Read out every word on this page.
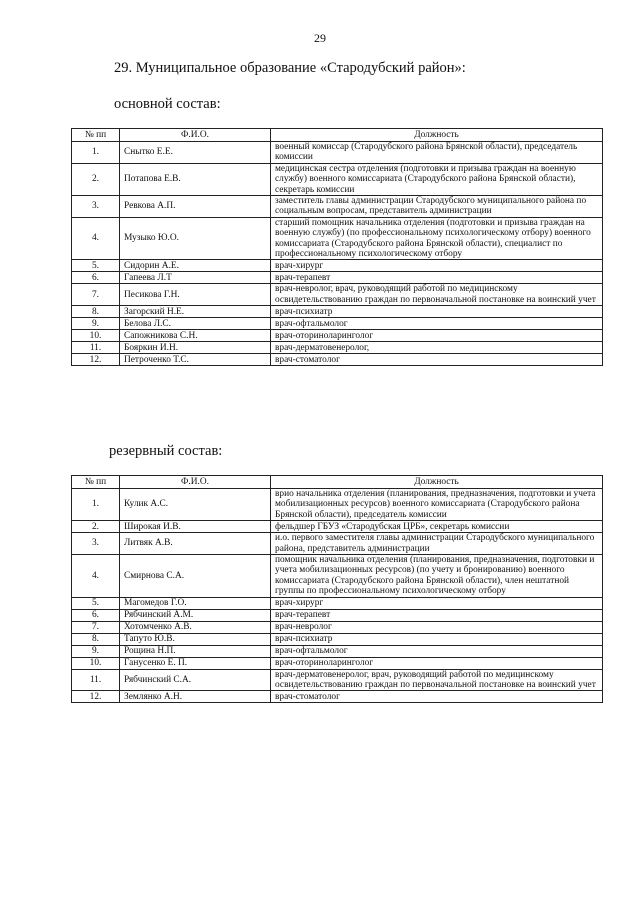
29
29. Муниципальное образование «Стародубский район»:
основной состав:
№ пп	Ф.И.О.	Должность
1.	Снытко Е.Е.	военный комиссар (Стародубского района Брянской области), председатель комиссии
2.	Потапова Е.В.	медицинская сестра отделения (подготовки и призыва граждан на военную службу) военного комиссариата (Стародубского района Брянской области), секретарь комиссии
3.	Ревкова А.П.	заместитель главы администрации Стародубского муниципального района по социальным вопросам, представитель администрации
4.	Музыко Ю.О.	старший помощник начальника отделения (подготовки и призыва граждан на военную службу) (по профессиональному психологическому отбору) военного комиссариата (Стародубского района Брянской области), специалист по профессиональному психологическому отбору
5.	Сидорин А.Е.	врач-хирург
6.	Гапеева Л.Т	врач-терапевт
7.	Песикова Г.Н.	врач-невролог, врач, руководящий работой по медицинскому освидетельствованию граждан по первоначальной постановке на воинский учет
8.	Загорский Н.Е.	врач-психиатр
9.	Белова Л.С.	врач-офтальмолог
10.	Сапожникова С.Н.	врач-оториноларинголог
11.	Бояркин И.Н.	врач-дерматовенеролог,
12.	Петроченко Т.С.	врач-стоматолог
резервный состав:
№ пп	Ф.И.О.	Должность
1.	Кулик А.С.	врио начальника отделения (планирования, предназначения, подготовки и учета мобилизационных ресурсов) военного комиссариата (Стародубского района Брянской области), председатель комиссии
2.	Широкая И.В.	фельдшер ГБУЗ «Стародубская ЦРБ», секретарь комиссии
3.	Литвяк А.В.	и.о. первого заместителя главы администрации Стародубского муниципального района, представитель администрации
4.	Смирнова С.А.	помощник начальника отделения (планирования, предназначения, подготовки и учета мобилизационных ресурсов) (по учету и бронированию) военного комиссариата (Стародубского района Брянской области), член нештатной группы по профессиональному психологическому отбору
5.	Магомедов Г.О.	врач-хирург
6.	Рябчинский А.М.	врач-терапевт
7.	Хотомченко А.В.	врач-невролог
8.	Тапуто Ю.В.	врач-психиатр
9.	Рощина Н.П.	врач-офтальмолог
10.	Ганусенко Е. П.	врач-оториноларинголог
11.	Рябчинский С.А.	врач-дерматовенеролог, врач, руководящий работой по медицинскому освидетельствованию граждан по первоначальной постановке на воинский учет
12.	Землянко А.Н.	врач-стоматолог
